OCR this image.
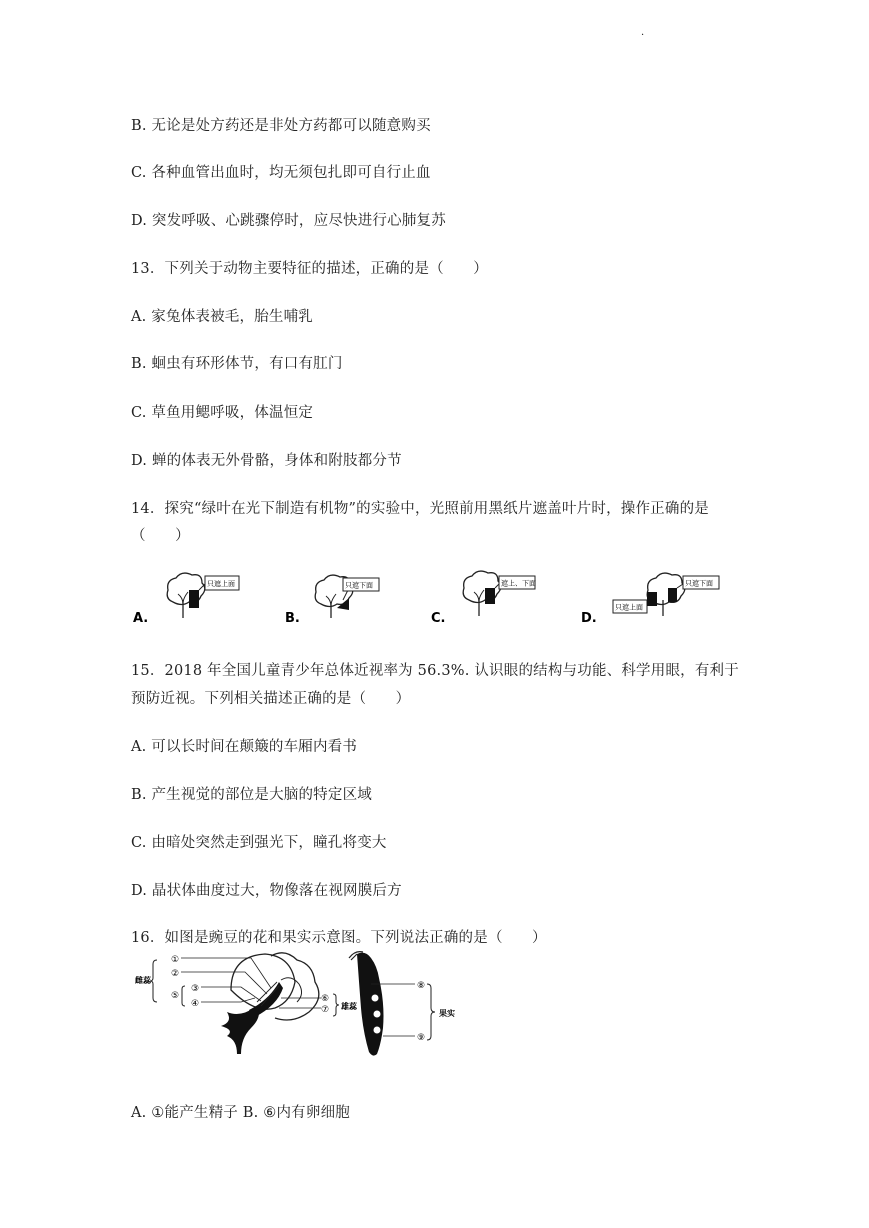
·
B. 无论是处方药还是非处方药都可以随意购买
C. 各种血管出血时，均无须包扎即可自行止血
D. 突发呼吸、心跳骤停时，应尽快进行心肺复苏
13．下列关于动物主要特征的描述，正确的是（　　）
A. 家兔体表被毛，胎生哺乳
B. 蛔虫有环形体节，有口有肛门
C. 草鱼用鳃呼吸，体温恒定
D. 蝉的体表无外骨骼，身体和附肢都分节
14．探究“绿叶在光下制造有机物”的实验中，光照前用黑纸片遮盖叶片时，操作正确的是
（　　）
A.
只遮上面
B.
只遮下面
C.
遮上、下面
D.
只遮上面
只遮下面
15．2018 年全国儿童青少年总体近视率为 56.3%. 认识眼的结构与功能、科学用眼，有利于
预防近视。下列相关描述正确的是（　　）
A. 可以长时间在颠簸的车厢内看书
B. 产生视觉的部位是大脑的特定区域
C. 由暗处突然走到强光下，瞳孔将变大
D. 晶状体曲度过大，物像落在视网膜后方
16．如图是豌豆的花和果实示意图。下列说法正确的是（　　）
雌蕊
①
②
⑤
③
④	⑥
⑦ 雄蕊
⑧
⑨
果实
A. ①能产生精子 B. ⑥内有卵细胞
